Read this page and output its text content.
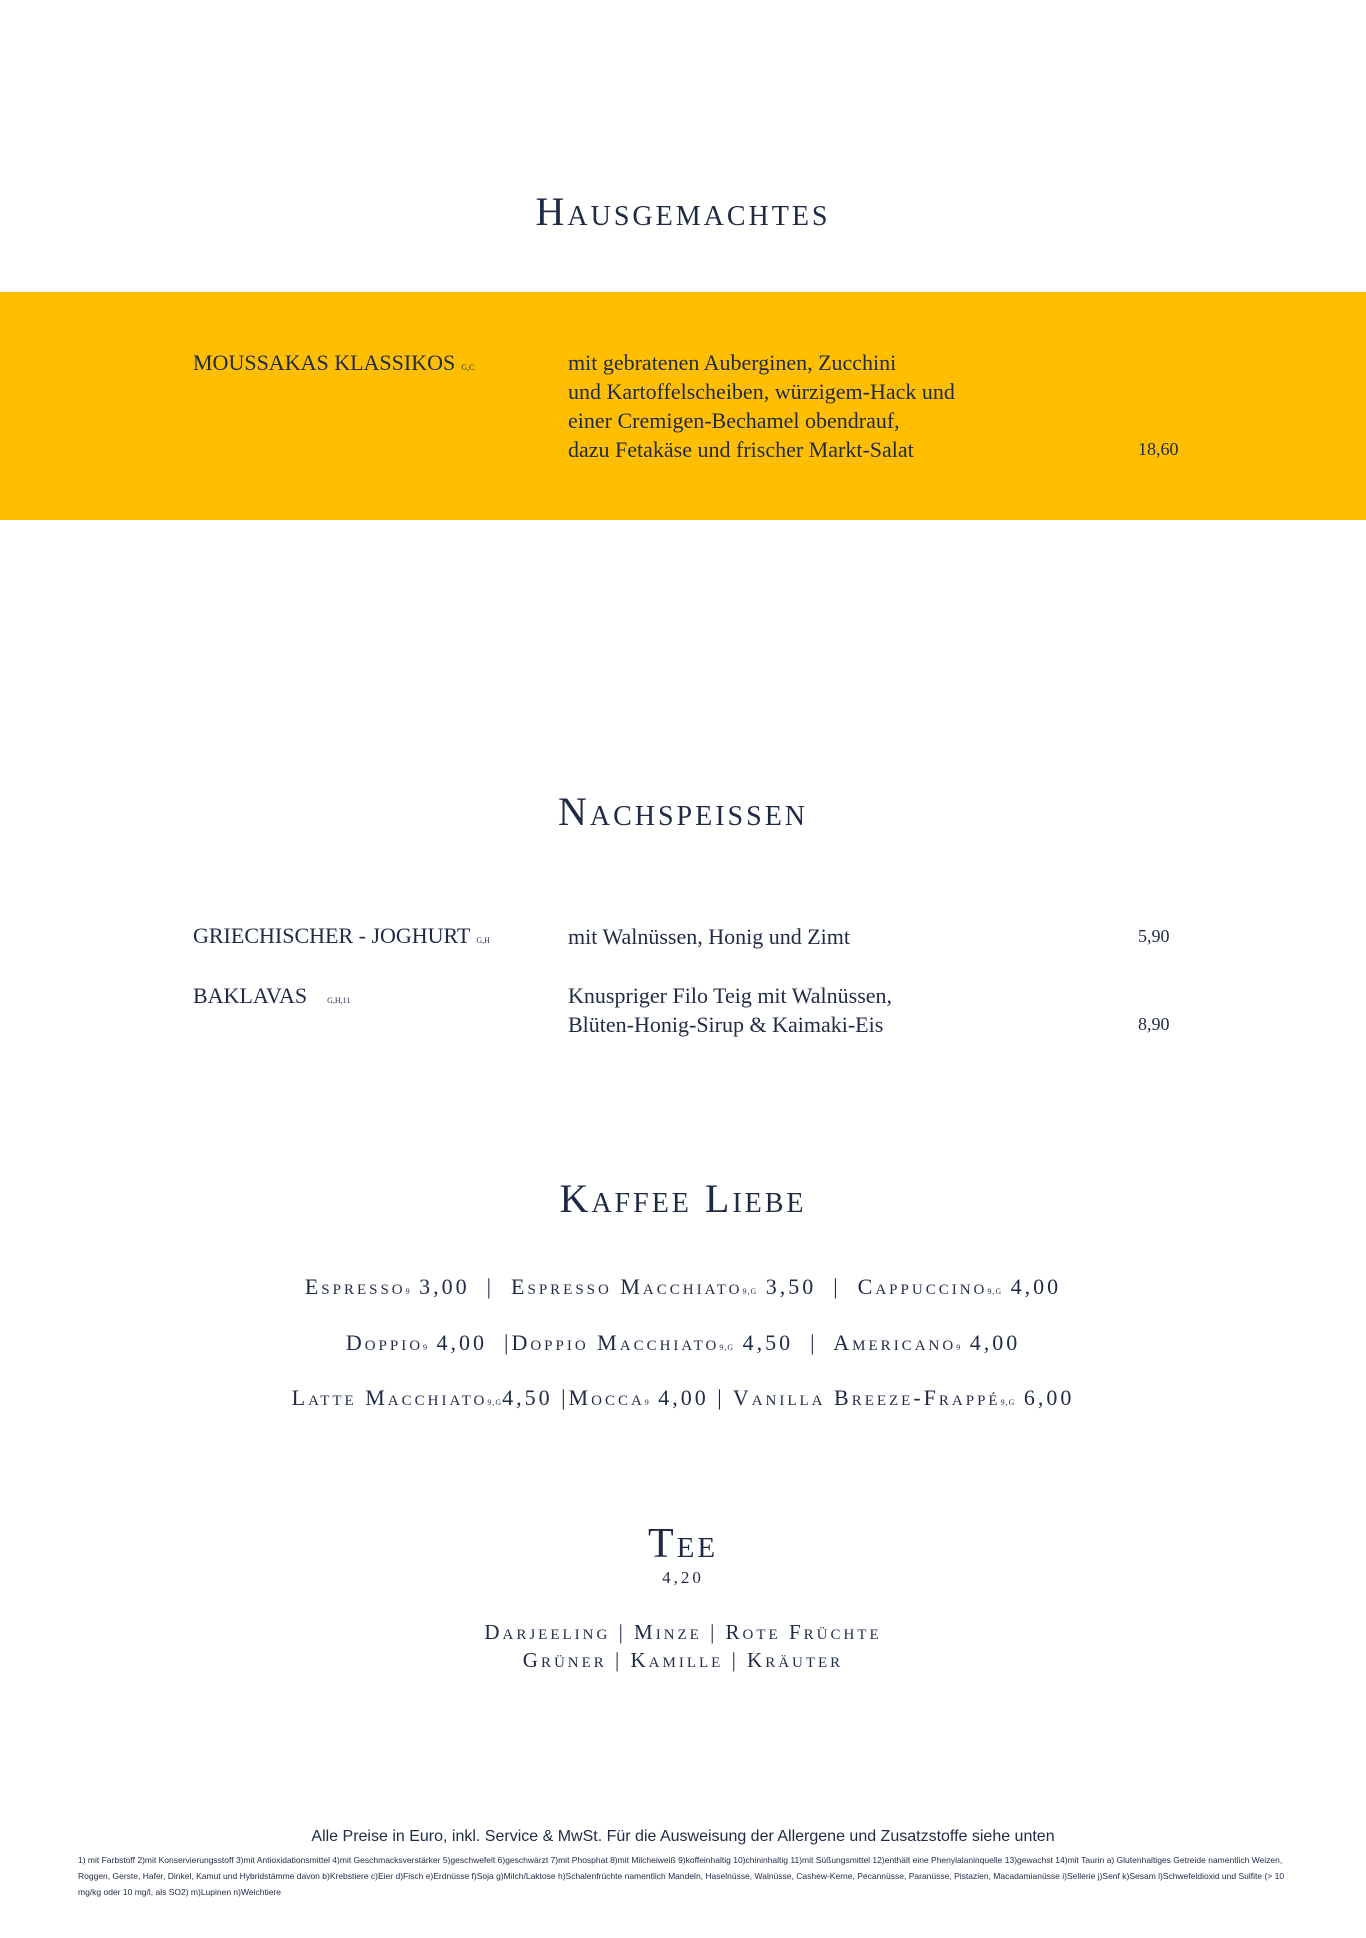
Hausgemachtes
MOUSSAKAS KLASSIKOS G,C	mit gebratenen Auberginen, Zucchini
und Kartoffelscheiben, würzigem-Hack und
einer Cremigen-Bechamel obendrauf,
dazu Fetakäse und frischer Markt-Salat	18,60
Nachspeissen
GRIECHISCHER - JOGHURT G,H	mit Walnüssen, Honig und Zimt	5,90
BAKLAVAS	G,H,11	Knuspriger Filo Teig mit Walnüssen,
Blüten-Honig-Sirup & Kaimaki-Eis	8,90
Kaffee Liebe
Espresso9 3,00  |  Espresso Macchiato9,G 3,50  |  Cappuccino9,G 4,00
Doppio9 4,00  |Doppio Macchiato9,G 4,50  |  Americano9 4,00
Latte Macchiato9,G4,50 |Mocca9 4,00 | Vanilla Breeze-Frappé9,G 6,00
Tee
4,20
Darjeeling | Minze | Rote Früchte
Grüner | Kamille | Kräuter
Alle Preise in Euro, inkl. Service & MwSt. Für die Ausweisung der Allergene und Zusatzstoffe siehe unten
1) mit Farbstoff 2)mit Konservierungsstoff 3)mit Antioxidationsmittel 4)mit Geschmacksverstärker 5)geschwefelt 6)geschwärzt 7)mit Phosphat 8)mit Milcheiweiß 9)koffeinhaltig 10)chininhaltig 11)mit Süßungsmittel 12)enthält eine Phenylalaninquelle 13)gewachst 14)mit Taurin a) Glutenhaltiges Getreide namentlich Weizen, Roggen, Gerste, Hafer, Dinkel, Kamut und Hybridstämme davon b)Krebstiere c)Eier d)Fisch e)Erdnüsse f)Soja g)Milch/Laktose h)Schalenfrüchte namentlich Mandeln, Haselnüsse, Walnüsse, Cashew-Kerne, Pecannüsse, Paranüsse, Pistazien, Macadamianüsse i)Sellerie j)Senf k)Sesam l)Schwefeldioxid und Sulfite (> 10 mg/kg oder 10 mg/l, als SO2) m)Lupinen n)Weichtiere
